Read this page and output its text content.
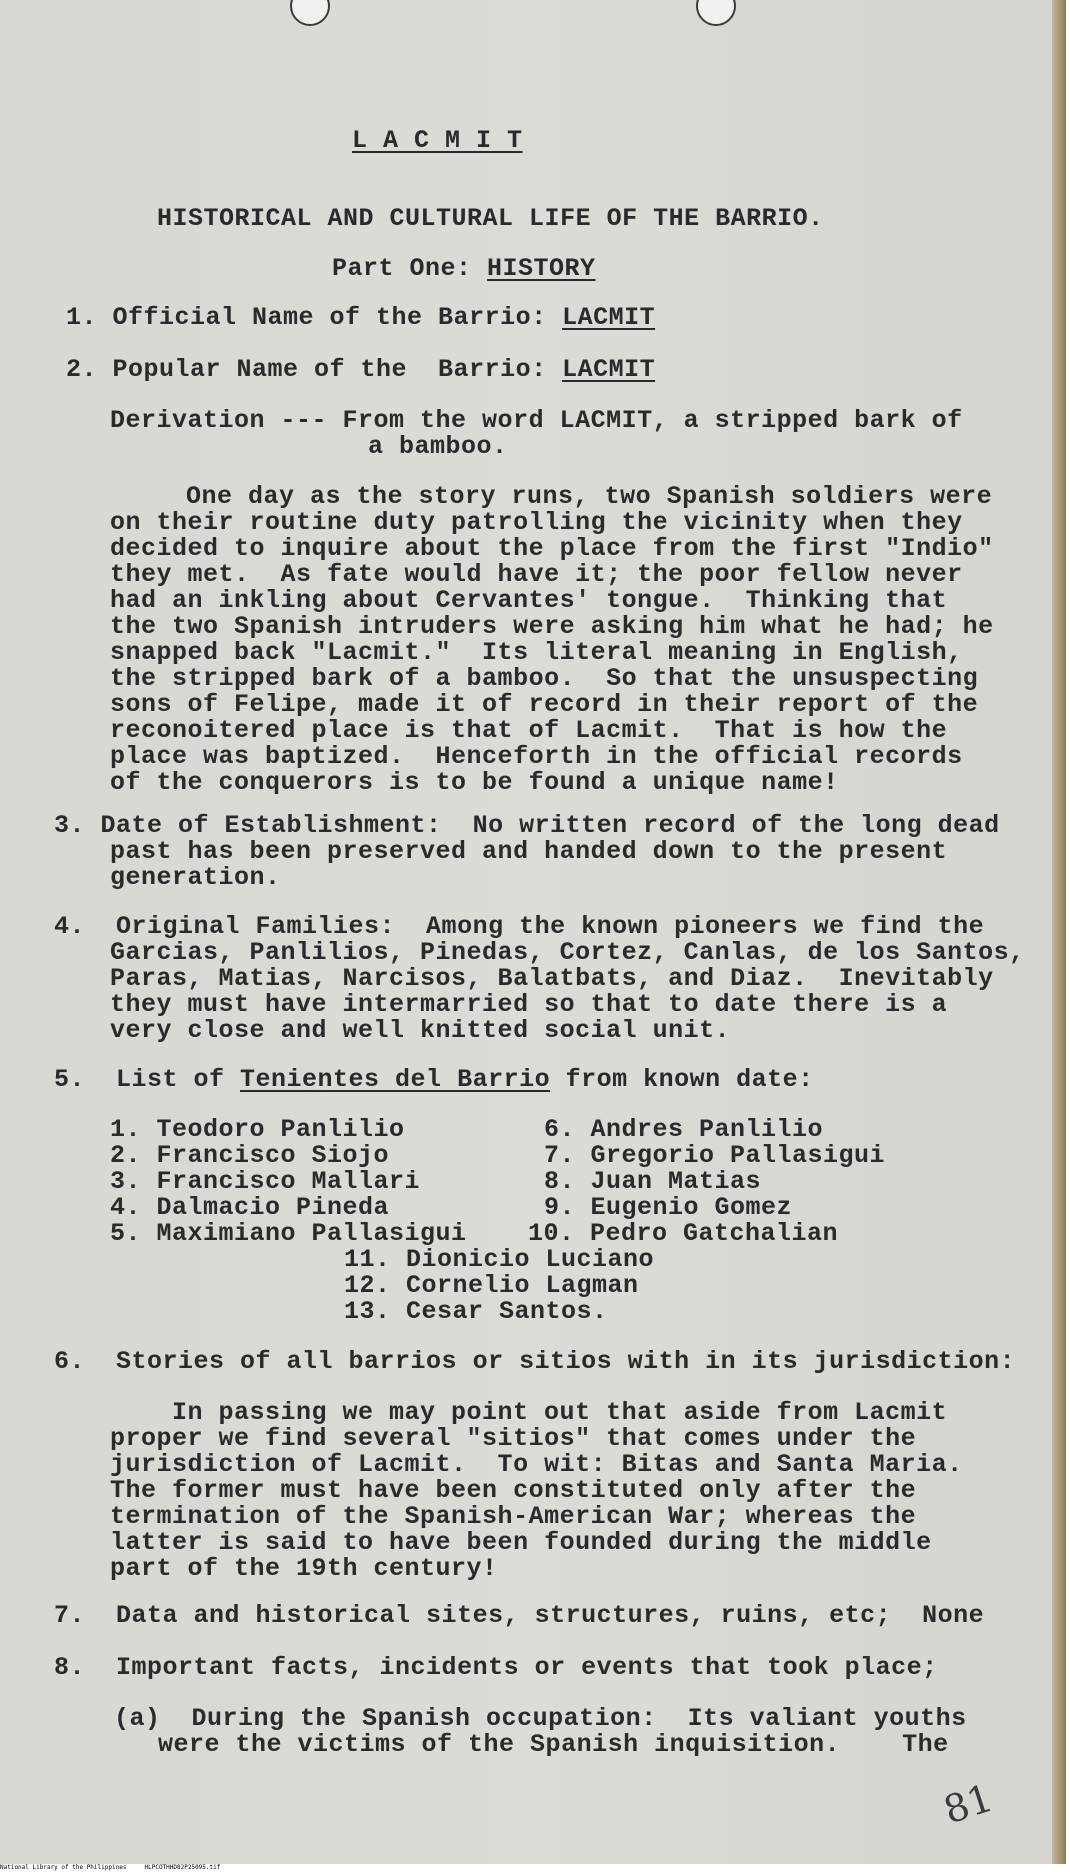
L A C M I T
HISTORICAL AND CULTURAL LIFE OF THE BARRIO.
Part One: HISTORY
1. Official Name of the Barrio: LACMIT
2. Popular Name of the  Barrio: LACMIT
Derivation --- From the word LACMIT, a stripped bark of
a bamboo.
One day as the story runs, two Spanish soldiers were
on their routine duty patrolling the vicinity when they
decided to inquire about the place from the first "Indio"
they met.  As fate would have it; the poor fellow never
had an inkling about Cervantes' tongue.  Thinking that
the two Spanish intruders were asking him what he had; he
snapped back "Lacmit."  Its literal meaning in English,
the stripped bark of a bamboo.  So that the unsuspecting
sons of Felipe, made it of record in their report of the
reconoitered place is that of Lacmit.  That is how the
place was baptized.  Henceforth in the official records
of the conquerors is to be found a unique name!
3. Date of Establishment:  No written record of the long dead
past has been preserved and handed down to the present
generation.
4.  Original Families:  Among the known pioneers we find the
Garcias, Panlilios, Pinedas, Cortez, Canlas, de los Santos,
Paras, Matias, Narcisos, Balatbats, and Diaz.  Inevitably
they must have intermarried so that to date there is a
very close and well knitted social unit.
5.  List of Tenientes del Barrio from known date:
1. Teodoro Panlilio
2. Francisco Siojo
3. Francisco Mallari
4. Dalmacio Pineda
5. Maximiano Pallasigui
6. Andres Panlilio
7. Gregorio Pallasigui
8. Juan Matias
9. Eugenio Gomez
10. Pedro Gatchalian
11. Dionicio Luciano
12. Cornelio Lagman
13. Cesar Santos.
6.  Stories of all barrios or sitios with in its jurisdiction:
In passing we may point out that aside from Lacmit
proper we find several "sitios" that comes under the
jurisdiction of Lacmit.  To wit: Bitas and Santa Maria.
The former must have been constituted only after the
termination of the Spanish-American War; whereas the
latter is said to have been founded during the middle
part of the 19th century!
7.  Data and historical sites, structures, ruins, etc;  None
8.  Important facts, incidents or events that took place;
(a)  During the Spanish occupation:  Its valiant youths
were the victims of the Spanish inquisition.    The
81
National Library of the Philippines     HLPCOTHHD82P25095.tif
